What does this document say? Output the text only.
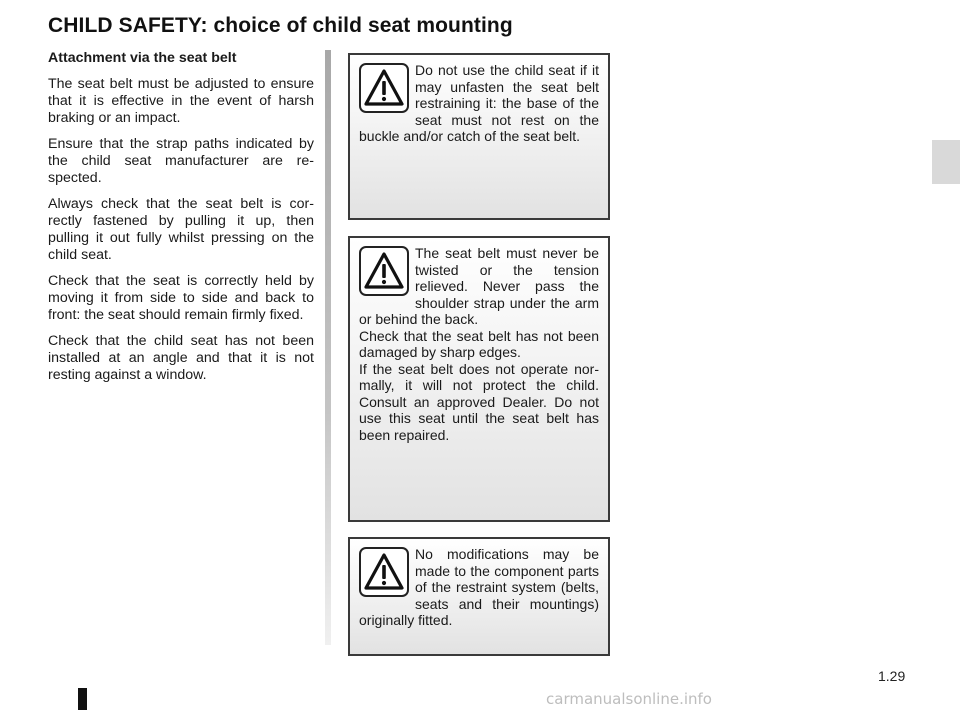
CHILD SAFETY: choice of child seat mounting

Attachment via the seat belt

The seat belt must be adjusted to ensure that it is effective in the event of harsh braking or an impact.

Ensure that the strap paths indicated by the child seat manufacturer are re-spected.

Always check that the seat belt is cor-rectly fastened by pulling it up, then pulling it out fully whilst pressing on the child seat.

Check that the seat is correctly held by moving it from side to side and back to front: the seat should remain firmly fixed.

Check that the child seat has not been installed at an angle and that it is not resting against a window.

Do not use the child seat if it may unfasten the seat belt restraining it: the base of the seat must not rest on the buckle and/or catch of the seat belt.

The seat belt must never be twisted or the tension relieved. Never pass the shoulder strap under the arm or behind the back.

Check that the seat belt has not been damaged by sharp edges.

If the seat belt does not operate nor-mally, it will not protect the child. Consult an approved Dealer. Do not use this seat until the seat belt has been repaired.

No modifications may be made to the component parts of the restraint system (belts, seats and their mountings) originally fitted.

1.29
carmanualsonline.info
